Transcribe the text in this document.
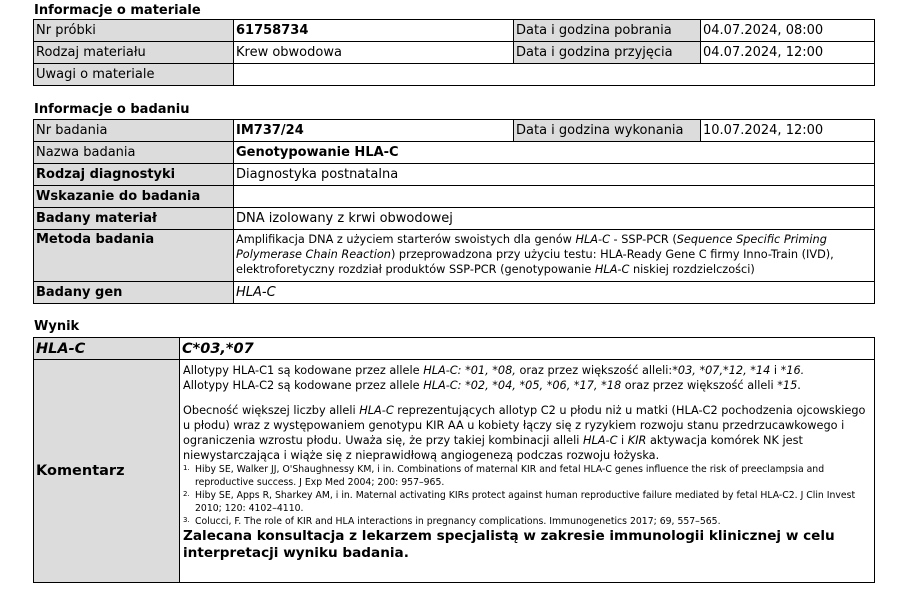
Informacje o materiale
Nr próbki	61758734	Data i godzina pobrania	04.07.2024, 08:00
Rodzaj materiału	Krew obwodowa	Data i godzina przyjęcia	04.07.2024, 12:00
Uwagi o materiale	
Informacje o badaniu
Nr badania	IM737/24	Data i godzina wykonania	10.07.2024, 12:00
Nazwa badania	Genotypowanie HLA-C
Rodzaj diagnostyki	Diagnostyka postnatalna
Wskazanie do badania	
Badany materiał	DNA izolowany z krwi obwodowej
Metoda badania	Amplifikacja DNA z użyciem starterów swoistych dla genów HLA-C - SSP-PCR (Sequence Specific Priming Polymerase Chain Reaction) przeprowadzona przy użyciu testu: HLA-Ready Gene C firmy Inno-Train (IVD), elektroforetyczny rozdział produktów SSP-PCR (genotypowanie HLA-C niskiej rozdzielczości)
Badany gen	HLA-C
Wynik
HLA-C	C*03,*07
Komentarz	

Allotypy HLA-C1 są kodowane przez allele HLA-C: *01, *08, oraz przez większość alleli:*03, *07,*12, *14 i *16.

Allotypy HLA-C2 są kodowane przez allele HLA-C: *02, *04, *05, *06, *17, *18 oraz przez większość alleli *15.

Obecność większej liczby alleli HLA-C reprezentujących allotyp C2 u płodu niż u matki (HLA-C2 pochodzenia ojcowskiego u płodu) wraz z występowaniem genotypu KIR AA u kobiety łączy się z ryzykiem rozwoju stanu przedrzucawkowego i ograniczenia wzrostu płodu. Uważa się, że przy takiej kombinacji alleli HLA-C i KIR aktywacja komórek NK jest niewystarczająca i wiąże się z nieprawidłową angiogenezą podczas rozwoju łożyska.

1. Hiby SE, Walker JJ, O'Shaughnessy KM, i in. Combinations of maternal KIR and fetal HLA-C genes influence the risk of preeclampsia and reproductive success. J Exp Med 2004; 200: 957–965.
2. Hiby SE, Apps R, Sharkey AM, i in. Maternal activating KIRs protect against human reproductive failure mediated by fetal HLA-C2. J Clin Invest 2010; 120: 4102–4110.
3. Colucci, F. The role of KIR and HLA interactions in pregnancy complications. Immunogenetics 2017; 69, 557–565.

Zalecana konsultacja z lekarzem specjalistą w zakresie immunologii klinicznej w celu interpretacji wyniku badania.
